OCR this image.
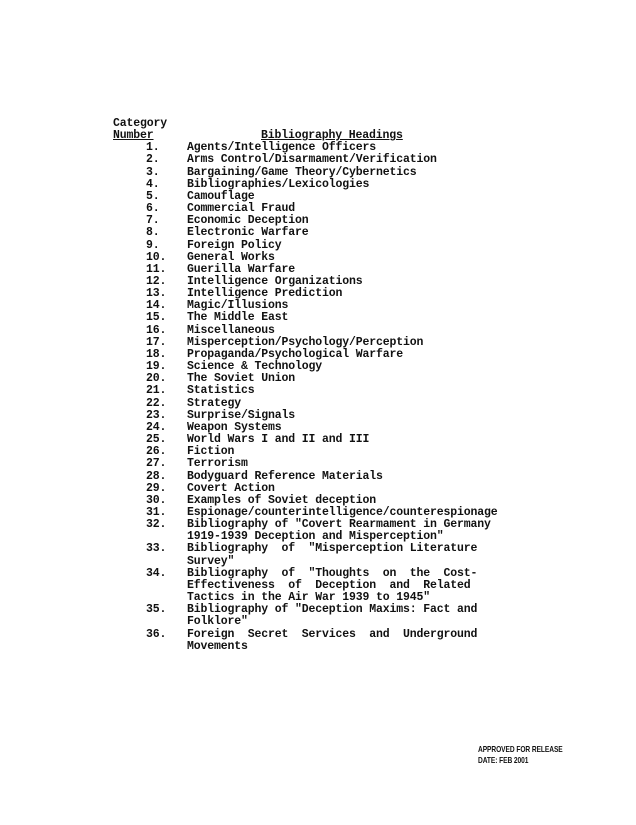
Category
Number	Bibliography Headings
1.	Agents/Intelligence Officers
2.	Arms Control/Disarmament/Verification
3.	Bargaining/Game Theory/Cybernetics
4.	Bibliographies/Lexicologies
5.	Camouflage
6.	Commercial Fraud
7.	Economic Deception
8.	Electronic Warfare
9.	Foreign Policy
10.	General Works
11.	Guerilla Warfare
12.	Intelligence Organizations
13.	Intelligence Prediction
14.	Magic/Illusions
15.	The Middle East
16.	Miscellaneous
17.	Misperception/Psychology/Perception
18.	Propaganda/Psychological Warfare
19.	Science & Technology
20.	The Soviet Union
21.	Statistics
22.	Strategy
23.	Surprise/Signals
24.	Weapon Systems
25.	World Wars I and II and III
26.	Fiction
27.	Terrorism
28.	Bodyguard Reference Materials
29.	Covert Action
30.	Examples of Soviet deception
31.	Espionage/counterintelligence/counterespionage
32.	Bibliography of "Covert Rearmament in Germany
1919-1939 Deception and Misperception"
33.	Bibliography  of  "Misperception Literature
Survey"
34.	Bibliography  of  "Thoughts  on  the  Cost-
Effectiveness  of  Deception  and  Related
Tactics in the Air War 1939 to 1945"
35.	Bibliography of "Deception Maxims: Fact and
Folklore"
36.	Foreign  Secret  Services  and  Underground
Movements
APPROVED FOR RELEASE
DATE: FEB 2001
